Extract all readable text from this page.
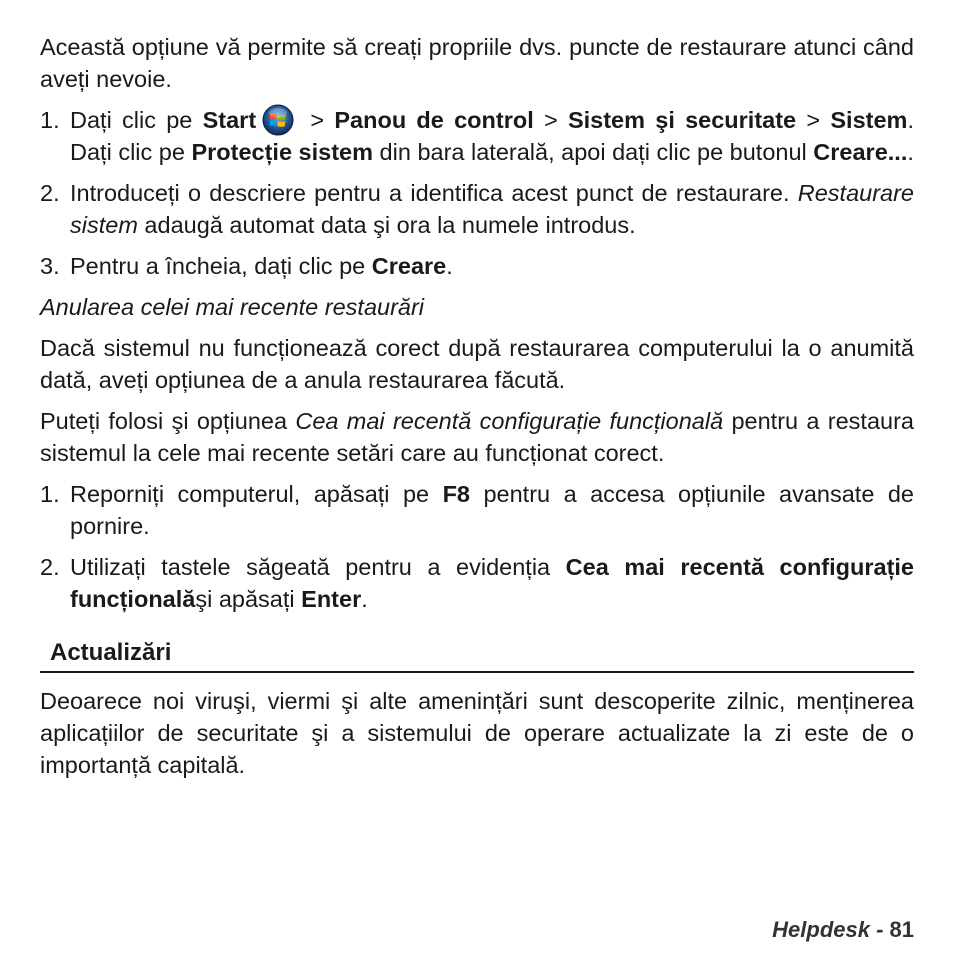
Această opțiune vă permite să creați propriile dvs. puncte de restaurare atunci când aveți nevoie.

1. Dați clic pe Start > Panou de control > Sistem şi securitate > Sistem. Dați clic pe Protecție sistem din bara laterală, apoi dați clic pe butonul Creare....
2. Introduceți o descriere pentru a identifica acest punct de restaurare. Restaurare sistem adaugă automat data şi ora la numele introdus.
3. Pentru a încheia, dați clic pe Creare.

Anularea celei mai recente restaurări

Dacă sistemul nu funcționează corect după restaurarea computerului la o anumită dată, aveți opțiunea de a anula restaurarea făcută.

Puteți folosi şi opțiunea Cea mai recentă configurație funcțională pentru a restaura sistemul la cele mai recente setări care au funcționat corect.

1. Reporniți computerul, apăsați pe F8 pentru a accesa opțiunile avansate de pornire.
2. Utilizați tastele săgeată pentru a evidenția Cea mai recentă configurație funcționalăşi apăsați Enter.
Actualizări

Deoarece noi viruşi, viermi şi alte amenințări sunt descoperite zilnic, menținerea aplicațiilor de securitate şi a sistemului de operare actualizate la zi este de o importanță capitală.

Helpdesk - 81
